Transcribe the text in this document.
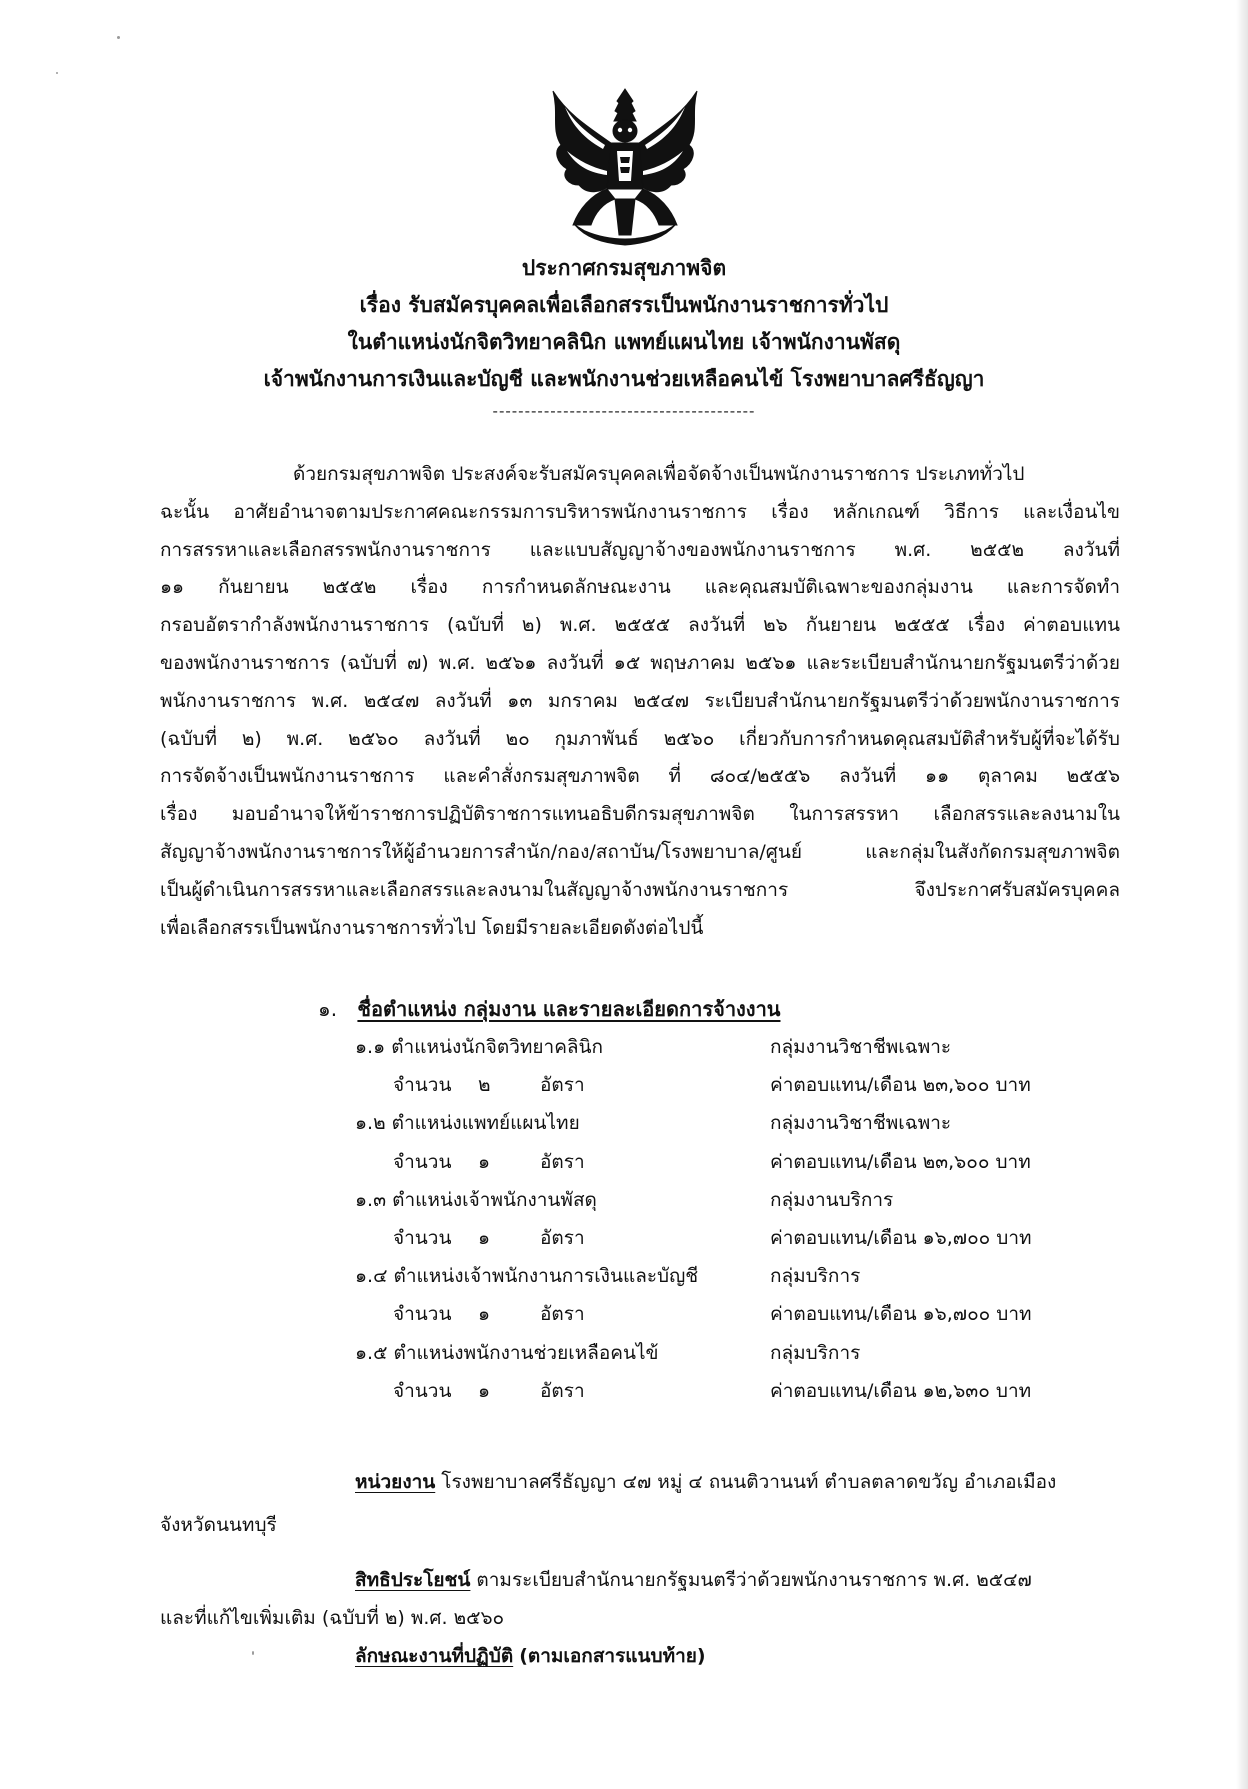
ประกาศกรมสุขภาพจิต
เรื่อง รับสมัครบุคคลเพื่อเลือกสรรเป็นพนักงานราชการทั่วไป
ในตำแหน่งนักจิตวิทยาคลินิก แพทย์แผนไทย เจ้าพนักงานพัสดุ
เจ้าพนักงานการเงินและบัญชี และพนักงานช่วยเหลือคนไข้ โรงพยาบาลศรีธัญญา
-----------------------------------------
ด้วยกรมสุขภาพจิต ประสงค์จะรับสมัครบุคคลเพื่อจัดจ้างเป็นพนักงานราชการ ประเภททั่วไป
ฉะนั้น อาศัยอำนาจตามประกาศคณะกรรมการบริหารพนักงานราชการ เรื่อง หลักเกณฑ์ วิธีการ และเงื่อนไข
การสรรหาและเลือกสรรพนักงานราชการ และแบบสัญญาจ้างของพนักงานราชการ พ.ศ. ๒๕๕๒ ลงวันที่
๑๑ กันยายน ๒๕๕๒ เรื่อง การกำหนดลักษณะงาน และคุณสมบัติเฉพาะของกลุ่มงาน และการจัดทำ
กรอบอัตรากำลังพนักงานราชการ (ฉบับที่ ๒) พ.ศ. ๒๕๕๕ ลงวันที่ ๒๖ กันยายน ๒๕๕๕ เรื่อง ค่าตอบแทน
ของพนักงานราชการ (ฉบับที่ ๗) พ.ศ. ๒๕๖๑ ลงวันที่ ๑๕ พฤษภาคม ๒๕๖๑ และระเบียบสำนักนายกรัฐมนตรีว่าด้วย
พนักงานราชการ พ.ศ. ๒๕๔๗ ลงวันที่ ๑๓ มกราคม ๒๕๔๗ ระเบียบสำนักนายกรัฐมนตรีว่าด้วยพนักงานราชการ
(ฉบับที่ ๒) พ.ศ. ๒๕๖๐ ลงวันที่ ๒๐ กุมภาพันธ์ ๒๕๖๐ เกี่ยวกับการกำหนดคุณสมบัติสำหรับผู้ที่จะได้รับ
การจัดจ้างเป็นพนักงานราชการ และคำสั่งกรมสุขภาพจิต ที่ ๘๐๔/๒๕๕๖ ลงวันที่ ๑๑ ตุลาคม ๒๕๕๖
เรื่อง มอบอำนาจให้ข้าราชการปฏิบัติราชการแทนอธิบดีกรมสุขภาพจิต ในการสรรหา เลือกสรรและลงนามใน
สัญญาจ้างพนักงานราชการให้ผู้อำนวยการสำนัก/กอง/สถาบัน/โรงพยาบาล/ศูนย์ และกลุ่มในสังกัดกรมสุขภาพจิต
เป็นผู้ดำเนินการสรรหาและเลือกสรรและลงนามในสัญญาจ้างพนักงานราชการ จึงประกาศรับสมัครบุคคล
เพื่อเลือกสรรเป็นพนักงานราชการทั่วไป โดยมีรายละเอียดดังต่อไปนี้
๑. ชื่อตำแหน่ง กลุ่มงาน และรายละเอียดการจ้างงาน
๑.๑ ตำแหน่งนักจิตวิทยาคลินิก	กลุ่มงานวิชาชีพเฉพาะ
จำนวน ๒	อัตรา	ค่าตอบแทน/เดือน ๒๓,๖๐๐ บาท
๑.๒ ตำแหน่งแพทย์แผนไทย	กลุ่มงานวิชาชีพเฉพาะ
จำนวน ๑	อัตรา	ค่าตอบแทน/เดือน ๒๓,๖๐๐ บาท
๑.๓ ตำแหน่งเจ้าพนักงานพัสดุ	กลุ่มงานบริการ
จำนวน ๑	อัตรา	ค่าตอบแทน/เดือน ๑๖,๗๐๐ บาท
๑.๔ ตำแหน่งเจ้าพนักงานการเงินและบัญชี	กลุ่มบริการ
จำนวน ๑	อัตรา	ค่าตอบแทน/เดือน ๑๖,๗๐๐ บาท
๑.๕ ตำแหน่งพนักงานช่วยเหลือคนไข้	กลุ่มบริการ
จำนวน ๑	อัตรา	ค่าตอบแทน/เดือน ๑๒,๖๓๐ บาท
หน่วยงาน โรงพยาบาลศรีธัญญา ๔๗ หมู่ ๔ ถนนติวานนท์ ตำบลตลาดขวัญ อำเภอเมือง
จังหวัดนนทบุรี
สิทธิประโยชน์ ตามระเบียบสำนักนายกรัฐมนตรีว่าด้วยพนักงานราชการ พ.ศ. ๒๕๔๗
และที่แก้ไขเพิ่มเติม (ฉบับที่ ๒) พ.ศ. ๒๕๖๐
ลักษณะงานที่ปฏิบัติ (ตามเอกสารแนบท้าย)
